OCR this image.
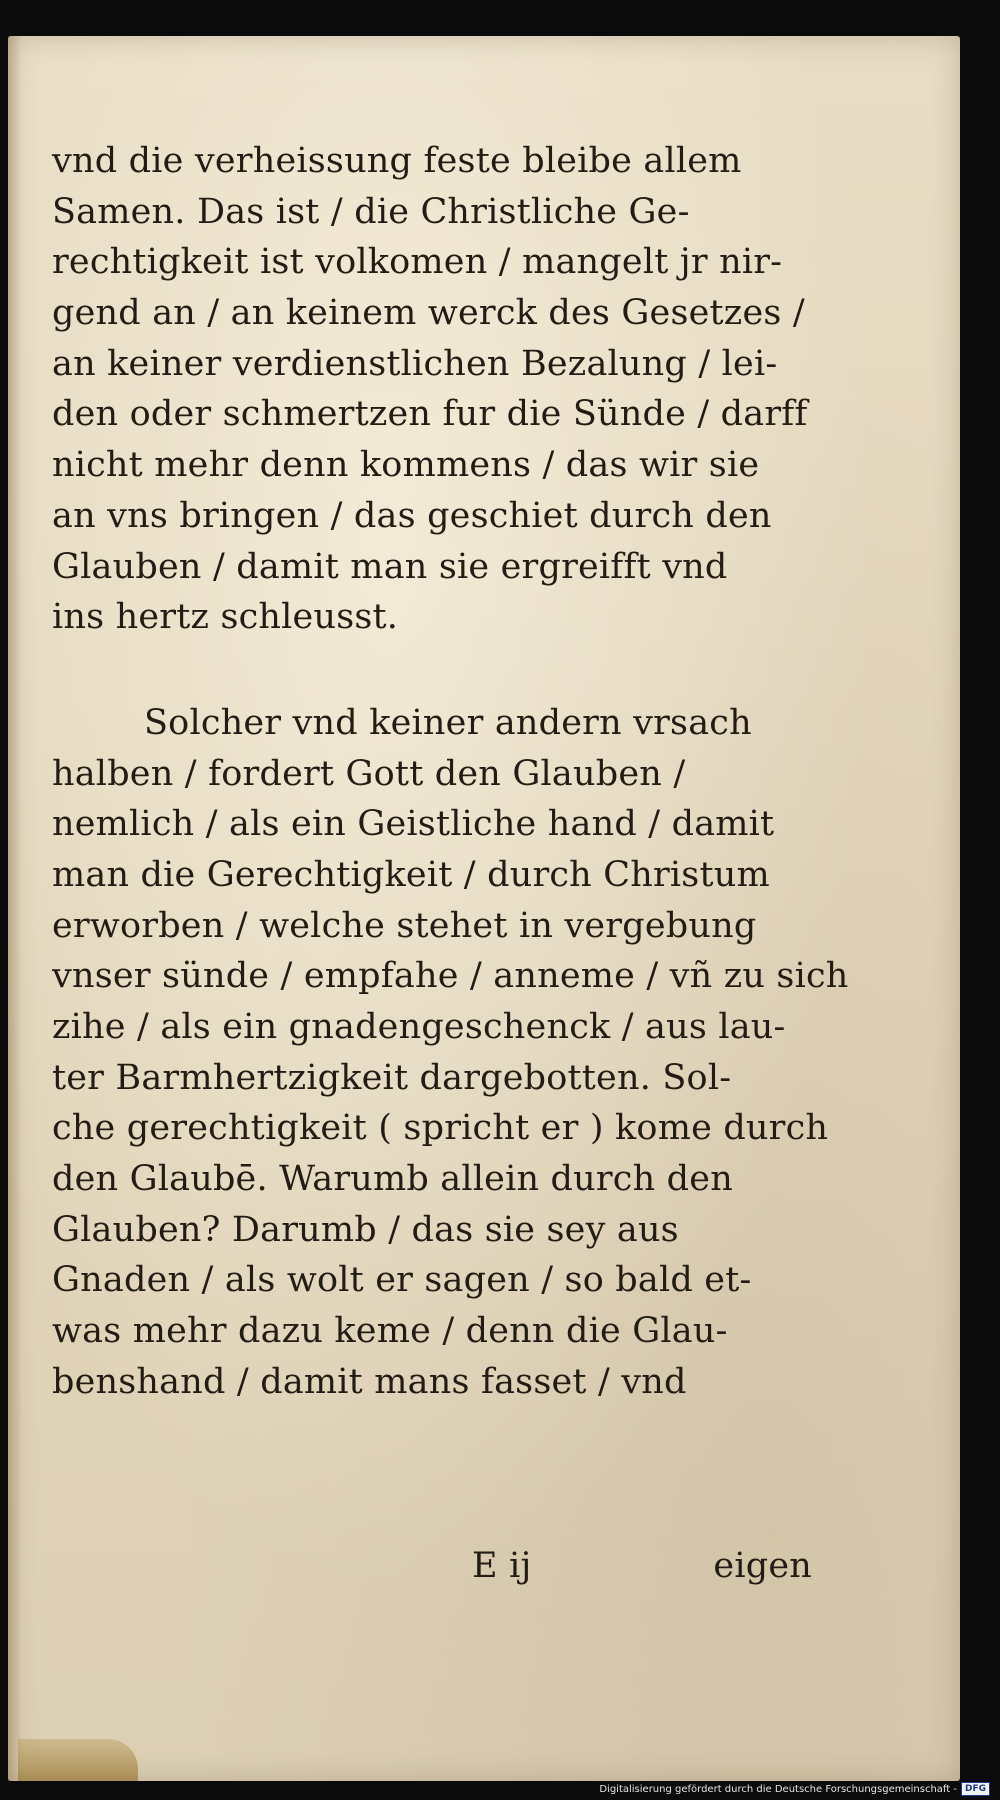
vnd die verheissung feste bleibe allem
Samen. Das ist / die Christliche Ge-
rechtigkeit ist volkomen / mangelt jr nir-
gend an / an keinem werck des Gesetzes /
an keiner verdienstlichen Bezalung / lei-
den oder schmertzen fur die Sünde / darff
nicht mehr denn kommens / das wir sie
an vns bringen / das geschiet durch den
Glauben / damit man sie ergreifft vnd
ins hertz schleusst.
Solcher vnd keiner andern vrsach
halben / fordert Gott den Glauben /
nemlich / als ein Geistliche hand / damit
man die Gerechtigkeit / durch Christum
erworben / welche stehet in vergebung
vnser sünde / empfahe / anneme / vñ zu sich
zihe / als ein gnadengeschenck / aus lau-
ter Barmhertzigkeit dargebotten. Sol-
che gerechtigkeit ( spricht er ) kome durch
den Glaubē. Warumb allein durch den
Glauben? Darumb / das sie sey aus
Gnaden / als wolt er sagen / so bald et-
was mehr dazu keme / denn die Glau-
benshand / damit mans fasset / vnd
E ij	eigen
Digitalisierung gefördert durch die Deutsche Forschungsgemeinschaft - DFG
